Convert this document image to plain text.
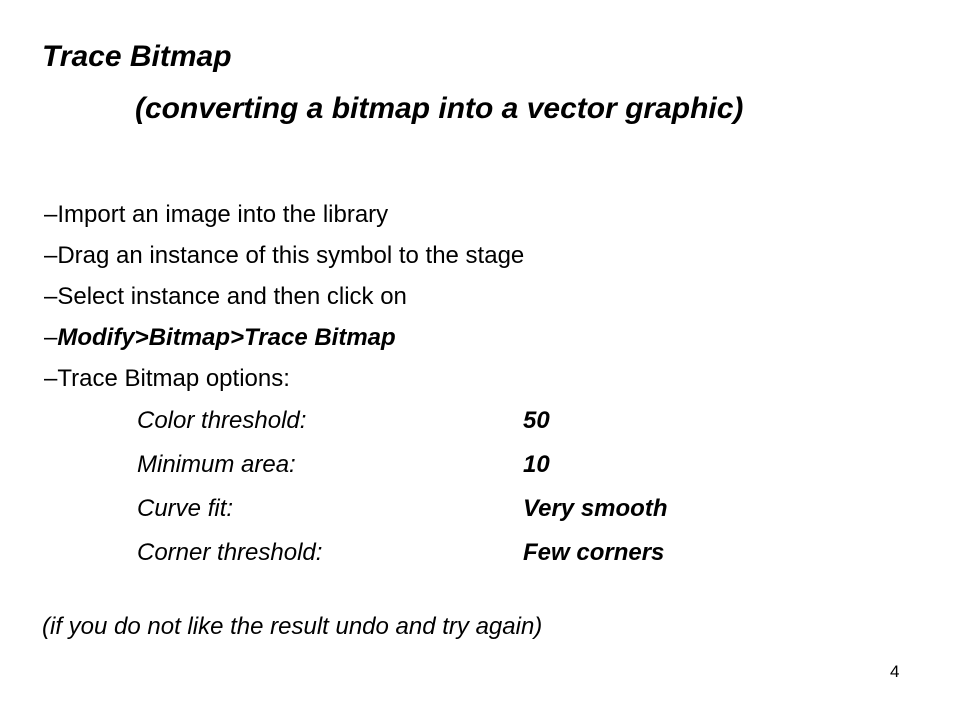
Trace Bitmap
(converting a bitmap into a vector graphic)
–Import an image into the library
–Drag an instance of this symbol to the stage
–Select instance and then click on
–Modify>Bitmap>Trace Bitmap
–Trace Bitmap options:
Color threshold:	50
Minimum area:	10
Curve fit:	Very smooth
Corner threshold:	Few corners
(if you do not like the result undo and try again)
4
